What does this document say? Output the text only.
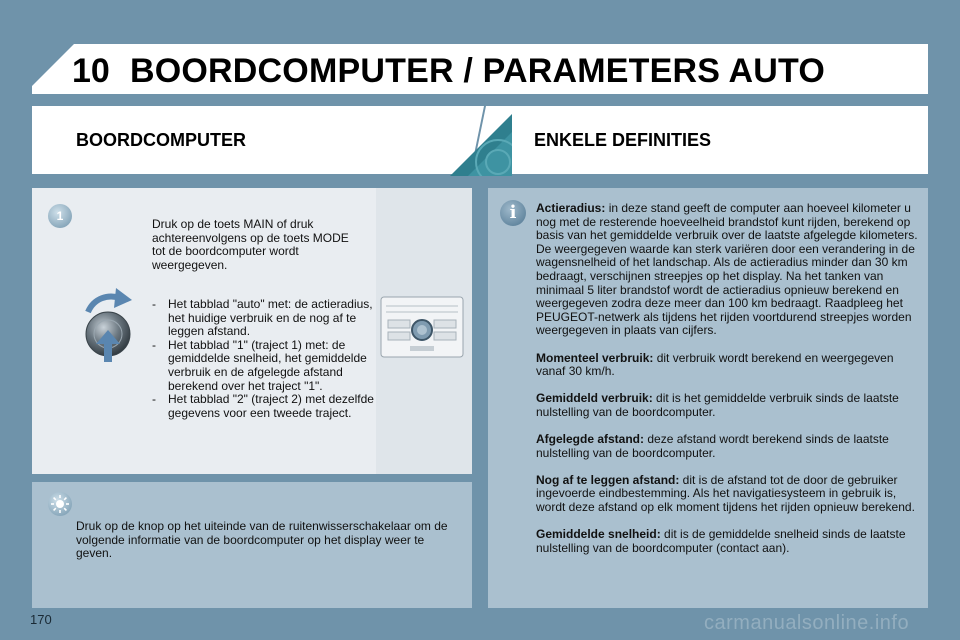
10 BOORDCOMPUTER / PARAMETERS AUTO
BOORDCOMPUTER	ENKELE DEFINITIES
1
Druk op de toets MAIN of druk achtereenvolgens op de toets MODE tot de boordcomputer wordt weergegeven.
- Het tabblad "auto" met: de actieradius, het huidige verbruik en de nog af te leggen afstand.
- Het tabblad "1" (traject 1) met: de gemiddelde snelheid, het gemiddelde verbruik en de afgelegde afstand berekend over het traject "1".
- Het tabblad "2" (traject 2) met dezelfde gegevens voor een tweede traject.
Druk op de knop op het uiteinde van de ruitenwisserschakelaar om de volgende informatie van de boordcomputer op het display weer te geven.
i	Actieradius: in deze stand geeft de computer aan hoeveel kilometer u nog met de resterende hoeveelheid brandstof kunt rijden, berekend op basis van het gemiddelde verbruik over de laatste afgelegde kilometers. De weergegeven waarde kan sterk variëren door een verandering in de wagensnelheid of het landschap. Als de actieradius minder dan 30 km bedraagt, verschijnen streepjes op het display. Na het tanken van minimaal 5 liter brandstof wordt de actieradius opnieuw berekend en weergegeven zodra deze meer dan 100 km bedraagt. Raadpleeg het PEUGEOT-netwerk als tijdens het rijden voortdurend streepjes worden weergegeven in plaats van cijfers.

Momenteel verbruik: dit verbruik wordt berekend en weergegeven vanaf 30 km/h.

Gemiddeld verbruik: dit is het gemiddelde verbruik sinds de laatste nulstelling van de boordcomputer.

Afgelegde afstand: deze afstand wordt berekend sinds de laatste nulstelling van de boordcomputer.

Nog af te leggen afstand: dit is de afstand tot de door de gebruiker ingevoerde eindbestemming. Als het navigatiesysteem in gebruik is, wordt deze afstand op elk moment tijdens het rijden opnieuw berekend.

Gemiddelde snelheid: dit is de gemiddelde snelheid sinds de laatste nulstelling van de boordcomputer (contact aan).

170	carmanualsonline.info
